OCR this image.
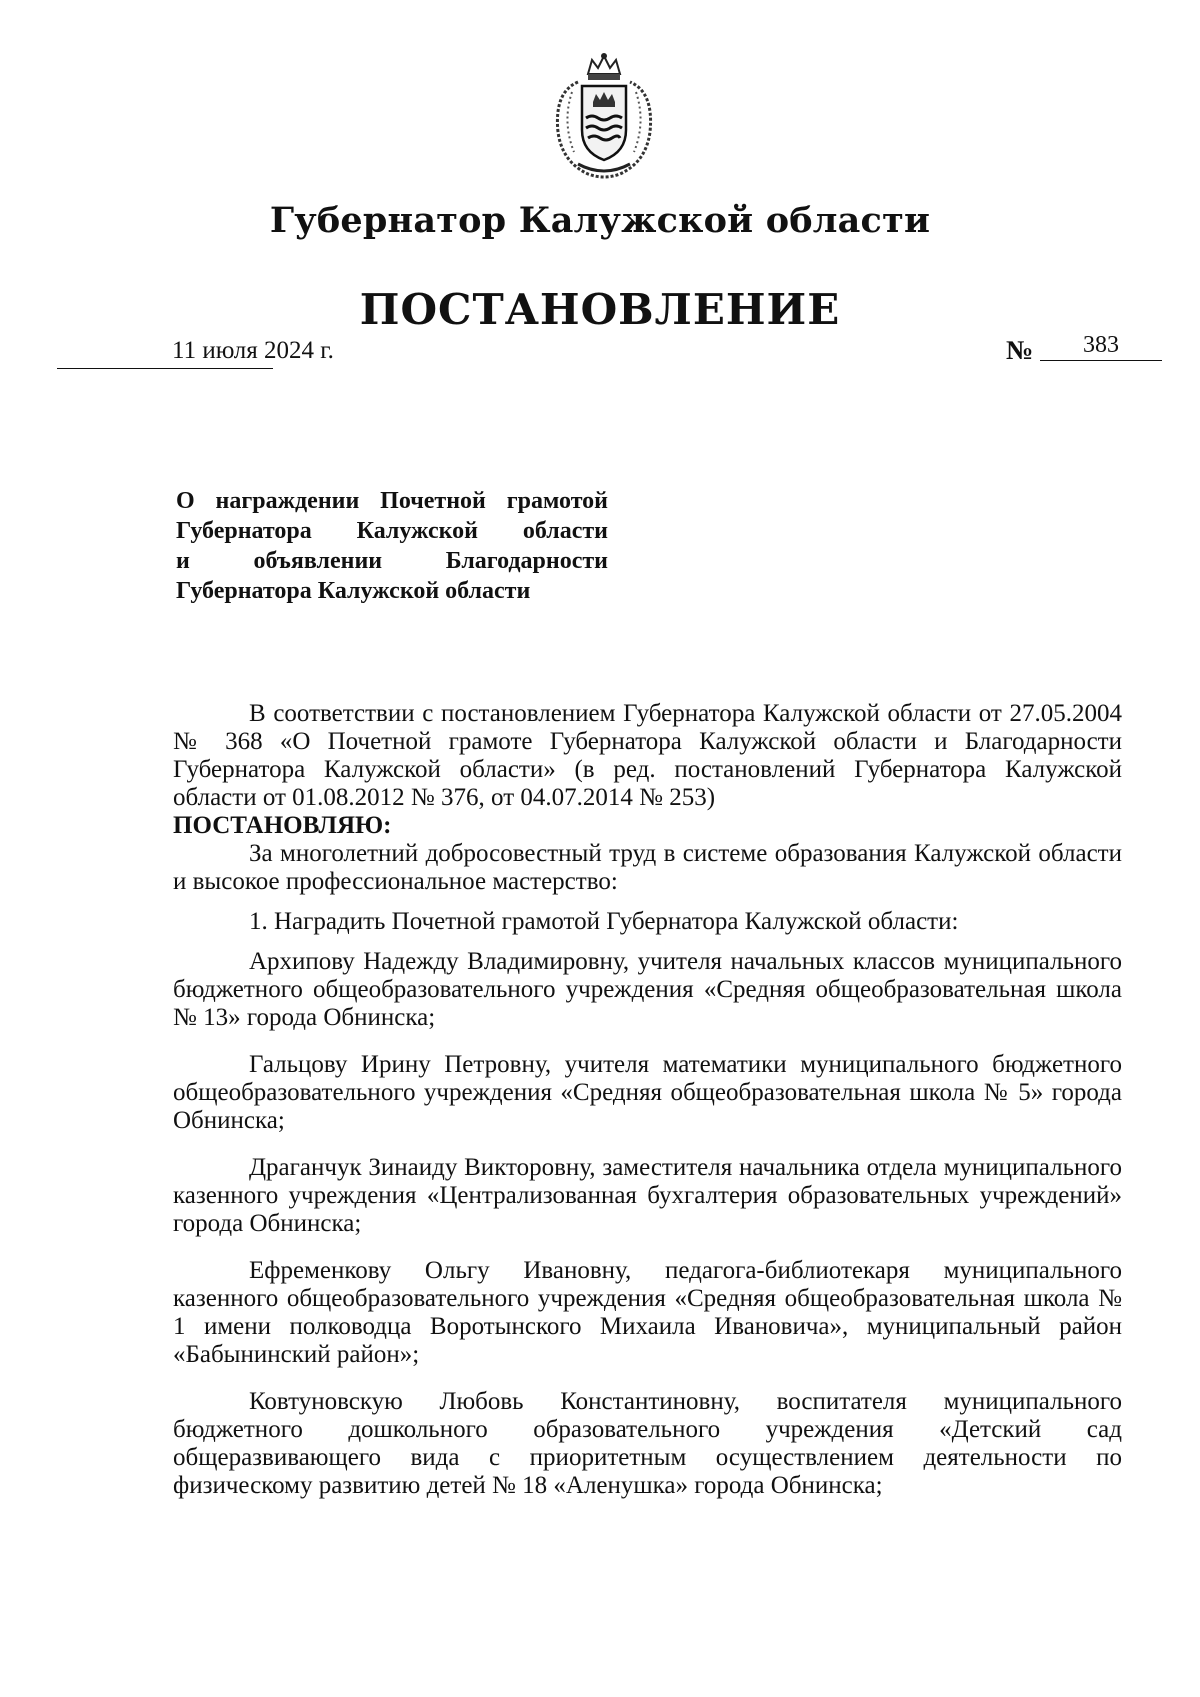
Губернатор Калужской области
ПОСТАНОВЛЕНИЕ
11 июля 2024 г.	№ 383
О награждении Почетной грамотой
Губернатора Калужской области
и объявлении Благодарности
Губернатора Калужской области

В соответствии с постановлением Губернатора Калужской области от 27.05.2004 № 368 «О Почетной грамоте Губернатора Калужской области и Благодарности Губернатора Калужской области» (в ред. постановлений Губернатора Калужской области от 01.08.2012 № 376, от 04.07.2014 № 253)

ПОСТАНОВЛЯЮ:

За многолетний добросовестный труд в системе образования Калужской области и высокое профессиональное мастерство:

1. Наградить Почетной грамотой Губернатора Калужской области:

Архипову Надежду Владимировну, учителя начальных классов муниципального бюджетного общеобразовательного учреждения «Средняя общеобразовательная школа № 13» города Обнинска;

Гальцову Ирину Петровну, учителя математики муниципального бюджетного общеобразовательного учреждения «Средняя общеобразовательная школа № 5» города Обнинска;

Драганчук Зинаиду Викторовну, заместителя начальника отдела муниципального казенного учреждения «Централизованная бухгалтерия образовательных учреждений» города Обнинска;

Ефременкову Ольгу Ивановну, педагога-библиотекаря муниципального казенного общеобразовательного учреждения «Средняя общеобразовательная школа № 1 имени полководца Воротынского Михаила Ивановича», муниципальный район «Бабынинский район»;

Ковтуновскую Любовь Константиновну, воспитателя муниципального бюджетного дошкольного образовательного учреждения «Детский сад общеразвивающего вида с приоритетным осуществлением деятельности по физическому развитию детей № 18 «Аленушка» города Обнинска;
